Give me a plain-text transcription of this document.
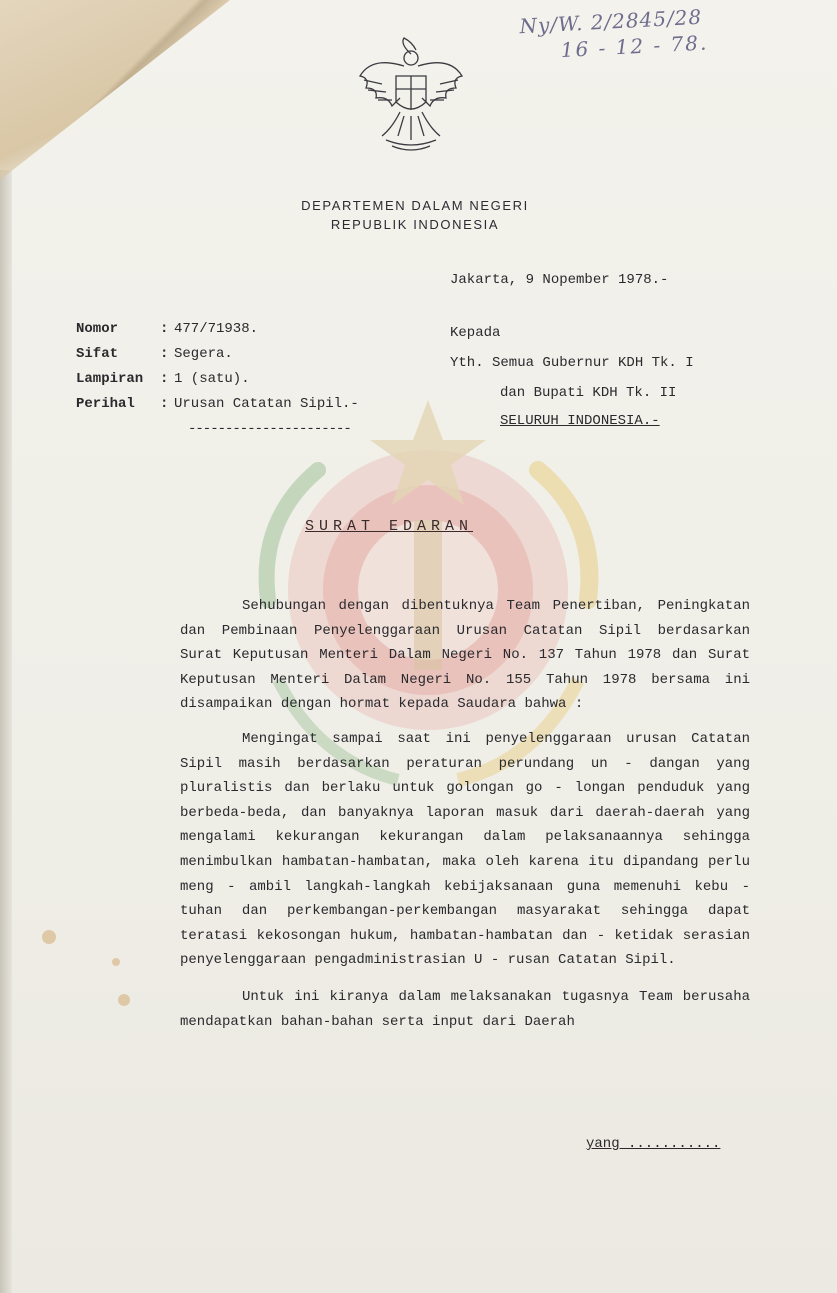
Ny/W. 2/2845/28
16 - 12 - 78.
DEPARTEMEN DALAM NEGERI
REPUBLIK INDONESIA
Jakarta, 9 Nopember 1978.-
Nomor	: 477/71938.
Sifat	: Segera.
Lampiran	: 1 (satu).
Perihal	: Urusan Catatan Sipil.-
----------------------
Kepada
Yth. Semua Gubernur KDH Tk. I
dan Bupati KDH Tk. II
SELURUH INDONESIA.-
SURAT EDARAN

Sehubungan dengan dibentuknya Team Penertiban, Peningkatan dan Pembinaan Penyelenggaraan Urusan Catatan Sipil berdasarkan Surat Keputusan Menteri Dalam Negeri No. 137 Tahun 1978 dan Surat Keputusan Menteri Dalam Negeri No. 155 Tahun 1978 bersama ini disampaikan dengan hormat kepada Saudara bahwa :

Mengingat sampai saat ini penyelenggaraan urusan Catatan Sipil masih berdasarkan peraturan perundang un - dangan yang pluralistis dan berlaku untuk golongan go - longan penduduk yang berbeda-beda, dan banyaknya laporan masuk dari daerah-daerah yang mengalami kekurangan kekurangan dalam pelaksanaannya sehingga menimbulkan hambatan-hambatan, maka oleh karena itu dipandang perlu meng - ambil langkah-langkah kebijaksanaan guna memenuhi kebu - tuhan dan perkembangan-perkembangan masyarakat sehingga dapat teratasi kekosongan hukum, hambatan-hambatan dan - ketidak serasian penyelenggaraan pengadministrasian U - rusan Catatan Sipil.

Untuk ini kiranya dalam melaksanakan tugasnya Team berusaha mendapatkan bahan-bahan serta input dari Daerah

yang ...........
